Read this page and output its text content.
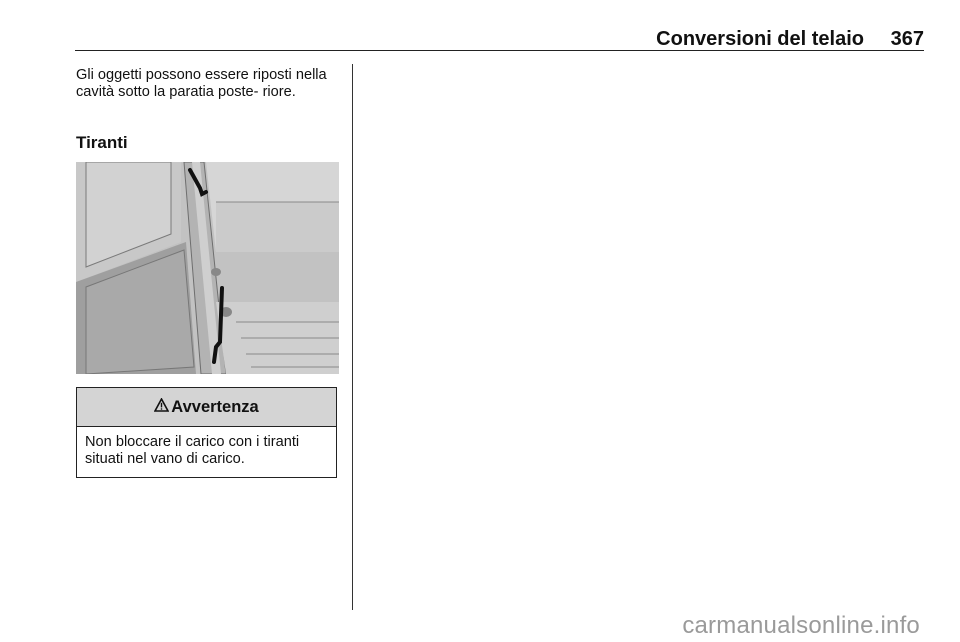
Conversioni del telaio 367

Gli oggetti possono essere riposti nella cavità sotto la paratia poste- riore.

Tiranti
Avvertenza

Non bloccare il carico con i tiranti situati nel vano di carico.

carmanualsonline.info
